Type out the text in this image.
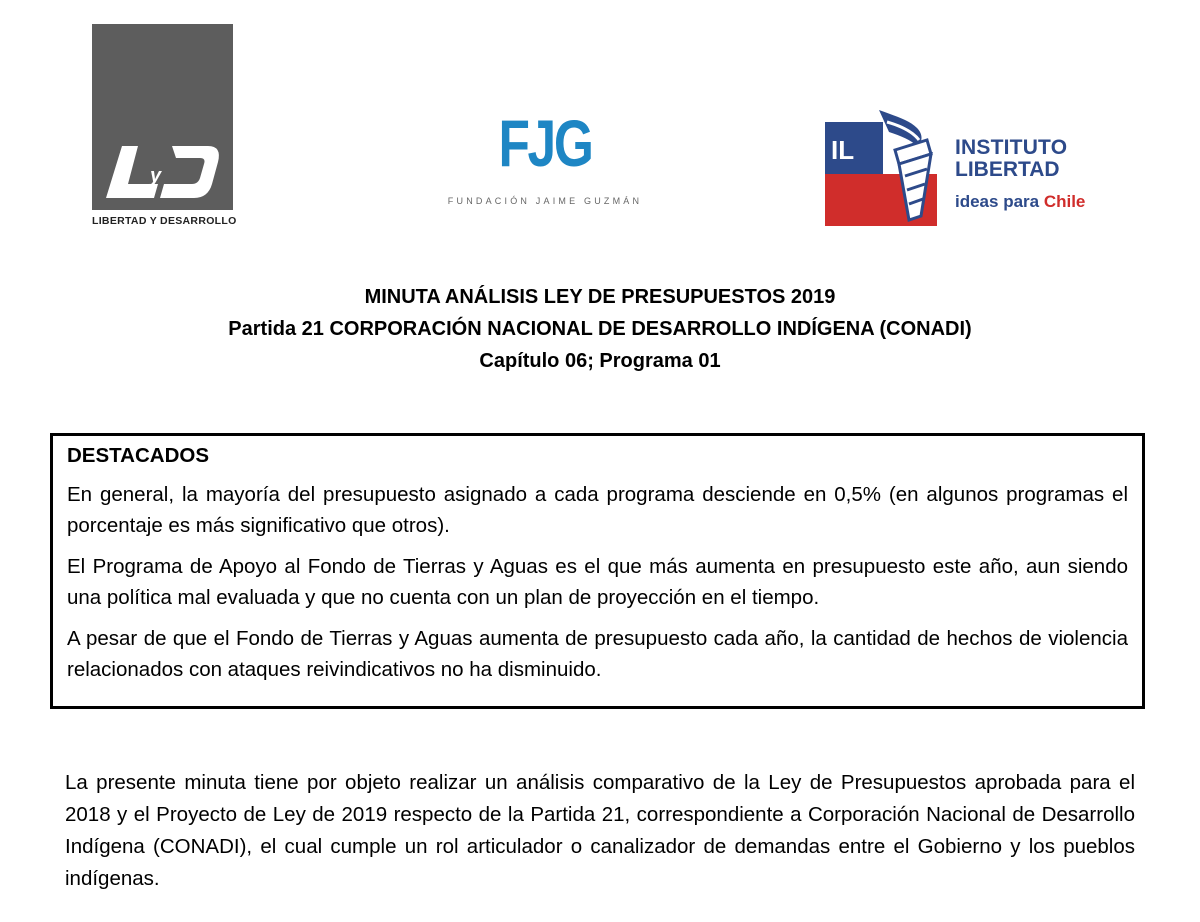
y
LIBERTAD Y DESARROLLO
FJG
FUNDACIÓN JAIME GUZMÁN
IL	INSTITUTO
LIBERTAD
ideas para Chile
MINUTA ANÁLISIS LEY DE PRESUPUESTOS 2019
Partida 21 CORPORACIÓN NACIONAL DE DESARROLLO INDÍGENA (CONADI)
Capítulo 06; Programa 01
DESTACADOS

En general, la mayoría del presupuesto asignado a cada programa desciende en 0,5% (en algunos programas el porcentaje es más significativo que otros).

El Programa de Apoyo al Fondo de Tierras y Aguas es el que más aumenta en presupuesto este año, aun siendo una política mal evaluada y que no cuenta con un plan de proyección en el tiempo.

A pesar de que el Fondo de Tierras y Aguas aumenta de presupuesto cada año, la cantidad de hechos de violencia relacionados con ataques reivindicativos no ha disminuido.

La presente minuta tiene por objeto realizar un análisis comparativo de la Ley de Presupuestos aprobada para el 2018 y el Proyecto de Ley de 2019 respecto de la Partida 21, correspondiente a Corporación Nacional de Desarrollo Indígena (CONADI), el cual cumple un rol articulador o canalizador de demandas entre el Gobierno y los pueblos indígenas.
